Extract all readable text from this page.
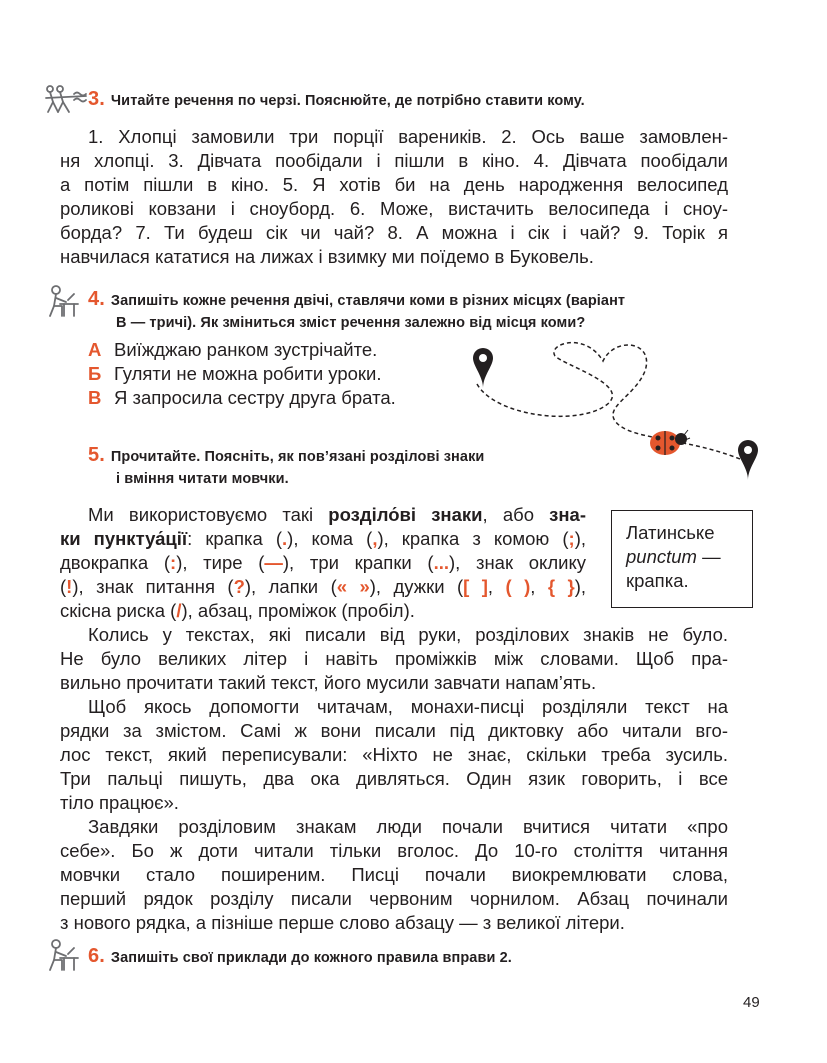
3. Читайте речення по черзі. Пояснюйте, де потрібно ставити кому.
1. Хлопці замовили три порції вареників. 2. Ось ваше замовлен-
ня хлопці. 3. Дівчата пообідали і пішли в кіно. 4. Дівчата пообідали
а потім пішли в кіно. 5. Я хотів би на день народження велосипед
роликові ковзани і сноуборд. 6. Може, вистачить велосипеда і сноу-
борда? 7. Ти будеш сік чи чай? 8. А можна і сік і чай? 9. Торік я
навчилася кататися на лижах і взимку ми поїдемо в Буковель.
4. Запишіть кожне речення двічі, ставлячи коми в різних місцях (варіант
В — тричі). Як зміниться зміст речення залежно від місця коми?
А Виїжджаю ранком зустрічайте.
Б Гуляти не можна робити уроки.
В Я запросила сестру друга брата.
5. Прочитайте. Поясніть, як пов’язані розділові знаки
і вміння читати мовчки.
Ми використовуємо такі розділо́ві знаки, або зна-
ки пунктуа́ції: крапка (.), кома (,), крапка з комою (;),
двокрапка (:), тире (—), три крапки (...), знак оклику
(!), знак питання (?), лапки (« »), дужки ([ ], ( ), { }),
скісна риска (/), абзац, проміжок (пробіл).
Латинське
punctum —
крапка.
Колись у текстах, які писали від руки, розділових знаків не було.
Не було великих літер і навіть проміжків між словами. Щоб пра-
вильно прочитати такий текст, його мусили завчати напам’ять.
Щоб якось допомогти читачам, монахи-писці розділяли текст на
рядки за змістом. Самі ж вони писали під диктовку або читали вго-
лос текст, який переписували: «Ніхто не знає, скільки треба зусиль.
Три пальці пишуть, два ока дивляться. Один язик говорить, і все
тіло працює».
Завдяки розділовим знакам люди почали вчитися читати «про
себе». Бо ж доти читали тільки вголос. До 10-го століття читання
мовчки стало поширеним. Писці почали виокремлювати слова,
перший рядок розділу писали червоним чорнилом. Абзац починали
з нового рядка, а пізніше перше слово абзацу — з великої літери.
6. Запишіть свої приклади до кожного правила вправи 2.
49
